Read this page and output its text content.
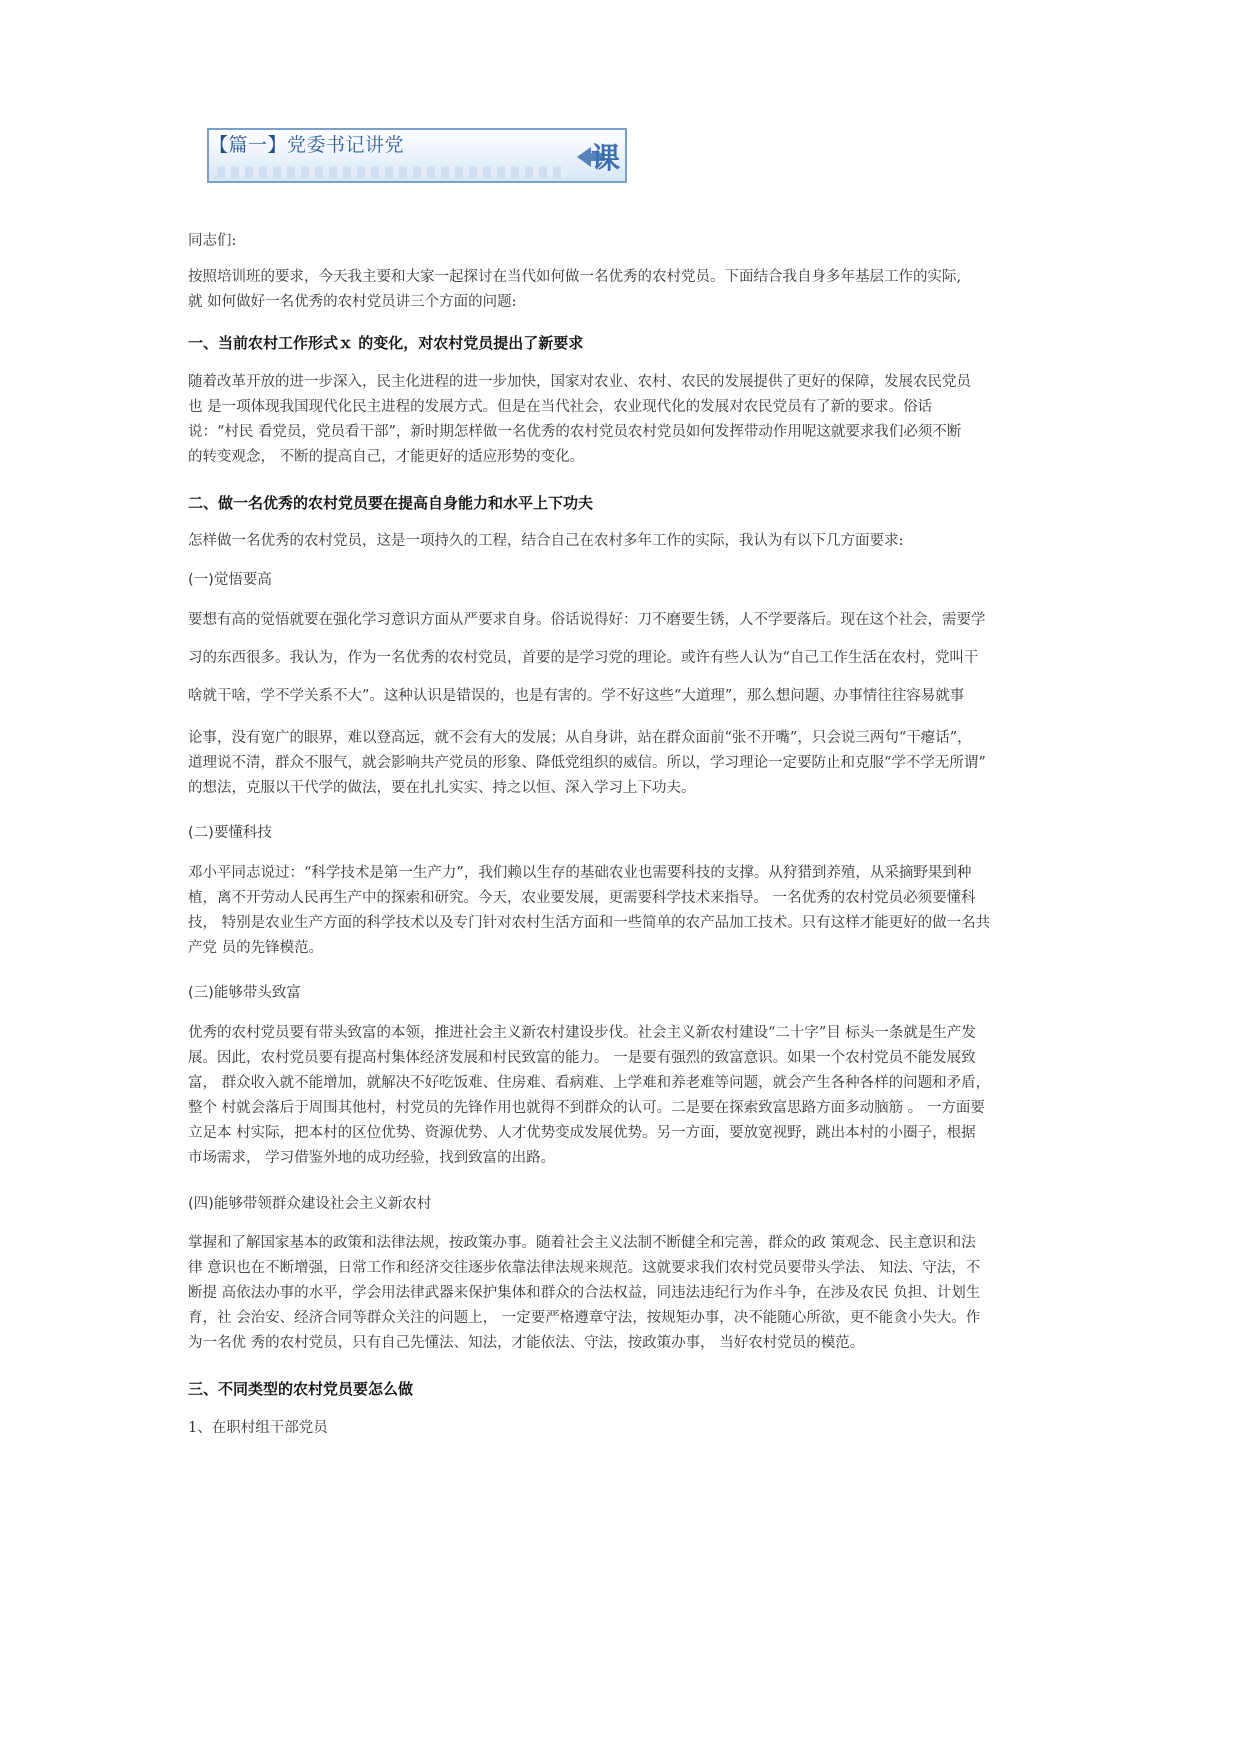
【篇一】党委书记讲党	课

同志们:

按照培训班的要求，今天我主要和大家一起探讨在当代如何做一名优秀的农村党员。下面结合我自身多年基层工作的实际,

就 如何做好一名优秀的农村党员讲三个方面的问题:

一、当前农村工作形式ｘ 的变化，对农村党员提出了新要求

随着改革开放的进一步深入，民主化进程的进一步加快，国家对农业、农村、农民的发展提供了更好的保障，发展农民党员

也 是一项体现我国现代化民主进程的发展方式。但是在当代社会，农业现代化的发展对农民党员有了新的要求。俗话

说：“村民 看党员，党员看干部”，新时期怎样做一名优秀的农村党员农村党员如何发挥带动作用呢这就要求我们必须不断

的转变观念， 不断的提高自己，才能更好的适应形势的变化。

二、做一名优秀的农村党员要在提高自身能力和水平上下功夫

怎样做一名优秀的农村党员，这是一项持久的工程，结合自己在农村多年工作的实际，我认为有以下几方面要求:

(一)觉悟要高

要想有高的觉悟就要在强化学习意识方面从严要求自身。俗话说得好：刀不磨要生锈，人不学要落后。现在这个社会，需要学

习的东西很多。我认为，作为一名优秀的农村党员，首要的是学习党的理论。或许有些人认为“自己工作生活在农村，党叫干

啥就干啥，学不学关系不大”。这种认识是错误的，也是有害的。学不好这些“大道理”，那么想问题、办事情往往容易就事

论事，没有宽广的眼界，难以登高远，就不会有大的发展；从自身讲，站在群众面前“张不开嘴”，只会说三两句“干瘪话”，

道理说不清，群众不服气，就会影响共产党员的形象、降低党组织的威信。所以，学习理论一定要防止和克服“学不学无所谓”

的想法，克服以干代学的做法，要在扎扎实实、持之以恒、深入学习上下功夫。

(二)要懂科技

邓小平同志说过：“科学技术是第一生产力”，我们赖以生存的基础农业也需要科技的支撑。从狩猎到养殖，从采摘野果到种

植，离不开劳动人民再生产中的探索和研究。今天，农业要发展，更需要科学技术来指导。 一名优秀的农村党员必须要懂科

技， 特别是农业生产方面的科学技术以及专门针对农村生活方面和一些简单的农产品加工技术。只有这样才能更好的做一名共

产党 员的先锋模范。

(三)能够带头致富

优秀的农村党员要有带头致富的本领，推进社会主义新农村建设步伐。社会主义新农村建设“二十字”目 标头一条就是生产发

展。因此，农村党员要有提高村集体经济发展和村民致富的能力。 一是要有强烈的致富意识。如果一个农村党员不能发展致

富， 群众收入就不能增加，就解决不好吃饭难、住房难、看病难、上学难和养老难等问题，就会产生各种各样的问题和矛盾，

整个 村就会落后于周围其他村，村党员的先锋作用也就得不到群众的认可。二是要在探索致富思路方面多动脑筋 。 一方面要

立足本 村实际，把本村的区位优势、资源优势、人才优势变成发展优势。另一方面，要放宽视野，跳出本村的小圈子，根据

市场需求， 学习借鉴外地的成功经验，找到致富的出路。

(四)能够带领群众建设社会主义新农村

掌握和了解国家基本的政策和法律法规，按政策办事。随着社会主义法制不断健全和完善，群众的政 策观念、民主意识和法

律 意识也在不断增强，日常工作和经济交往逐步依靠法律法规来规范。这就要求我们农村党员要带头学法、 知法、守法，不

断提 高依法办事的水平，学会用法律武器来保护集体和群众的合法权益，同违法违纪行为作斗争，在涉及农民 负担、计划生

育，社 会治安、经济合同等群众关注的问题上， 一定要严格遵章守法，按规矩办事，决不能随心所欲，更不能贪小失大。作

为一名优 秀的农村党员，只有自己先懂法、知法，才能依法、守法，按政策办事， 当好农村党员的模范。

三、不同类型的农村党员要怎么做

1、在职村组干部党员
